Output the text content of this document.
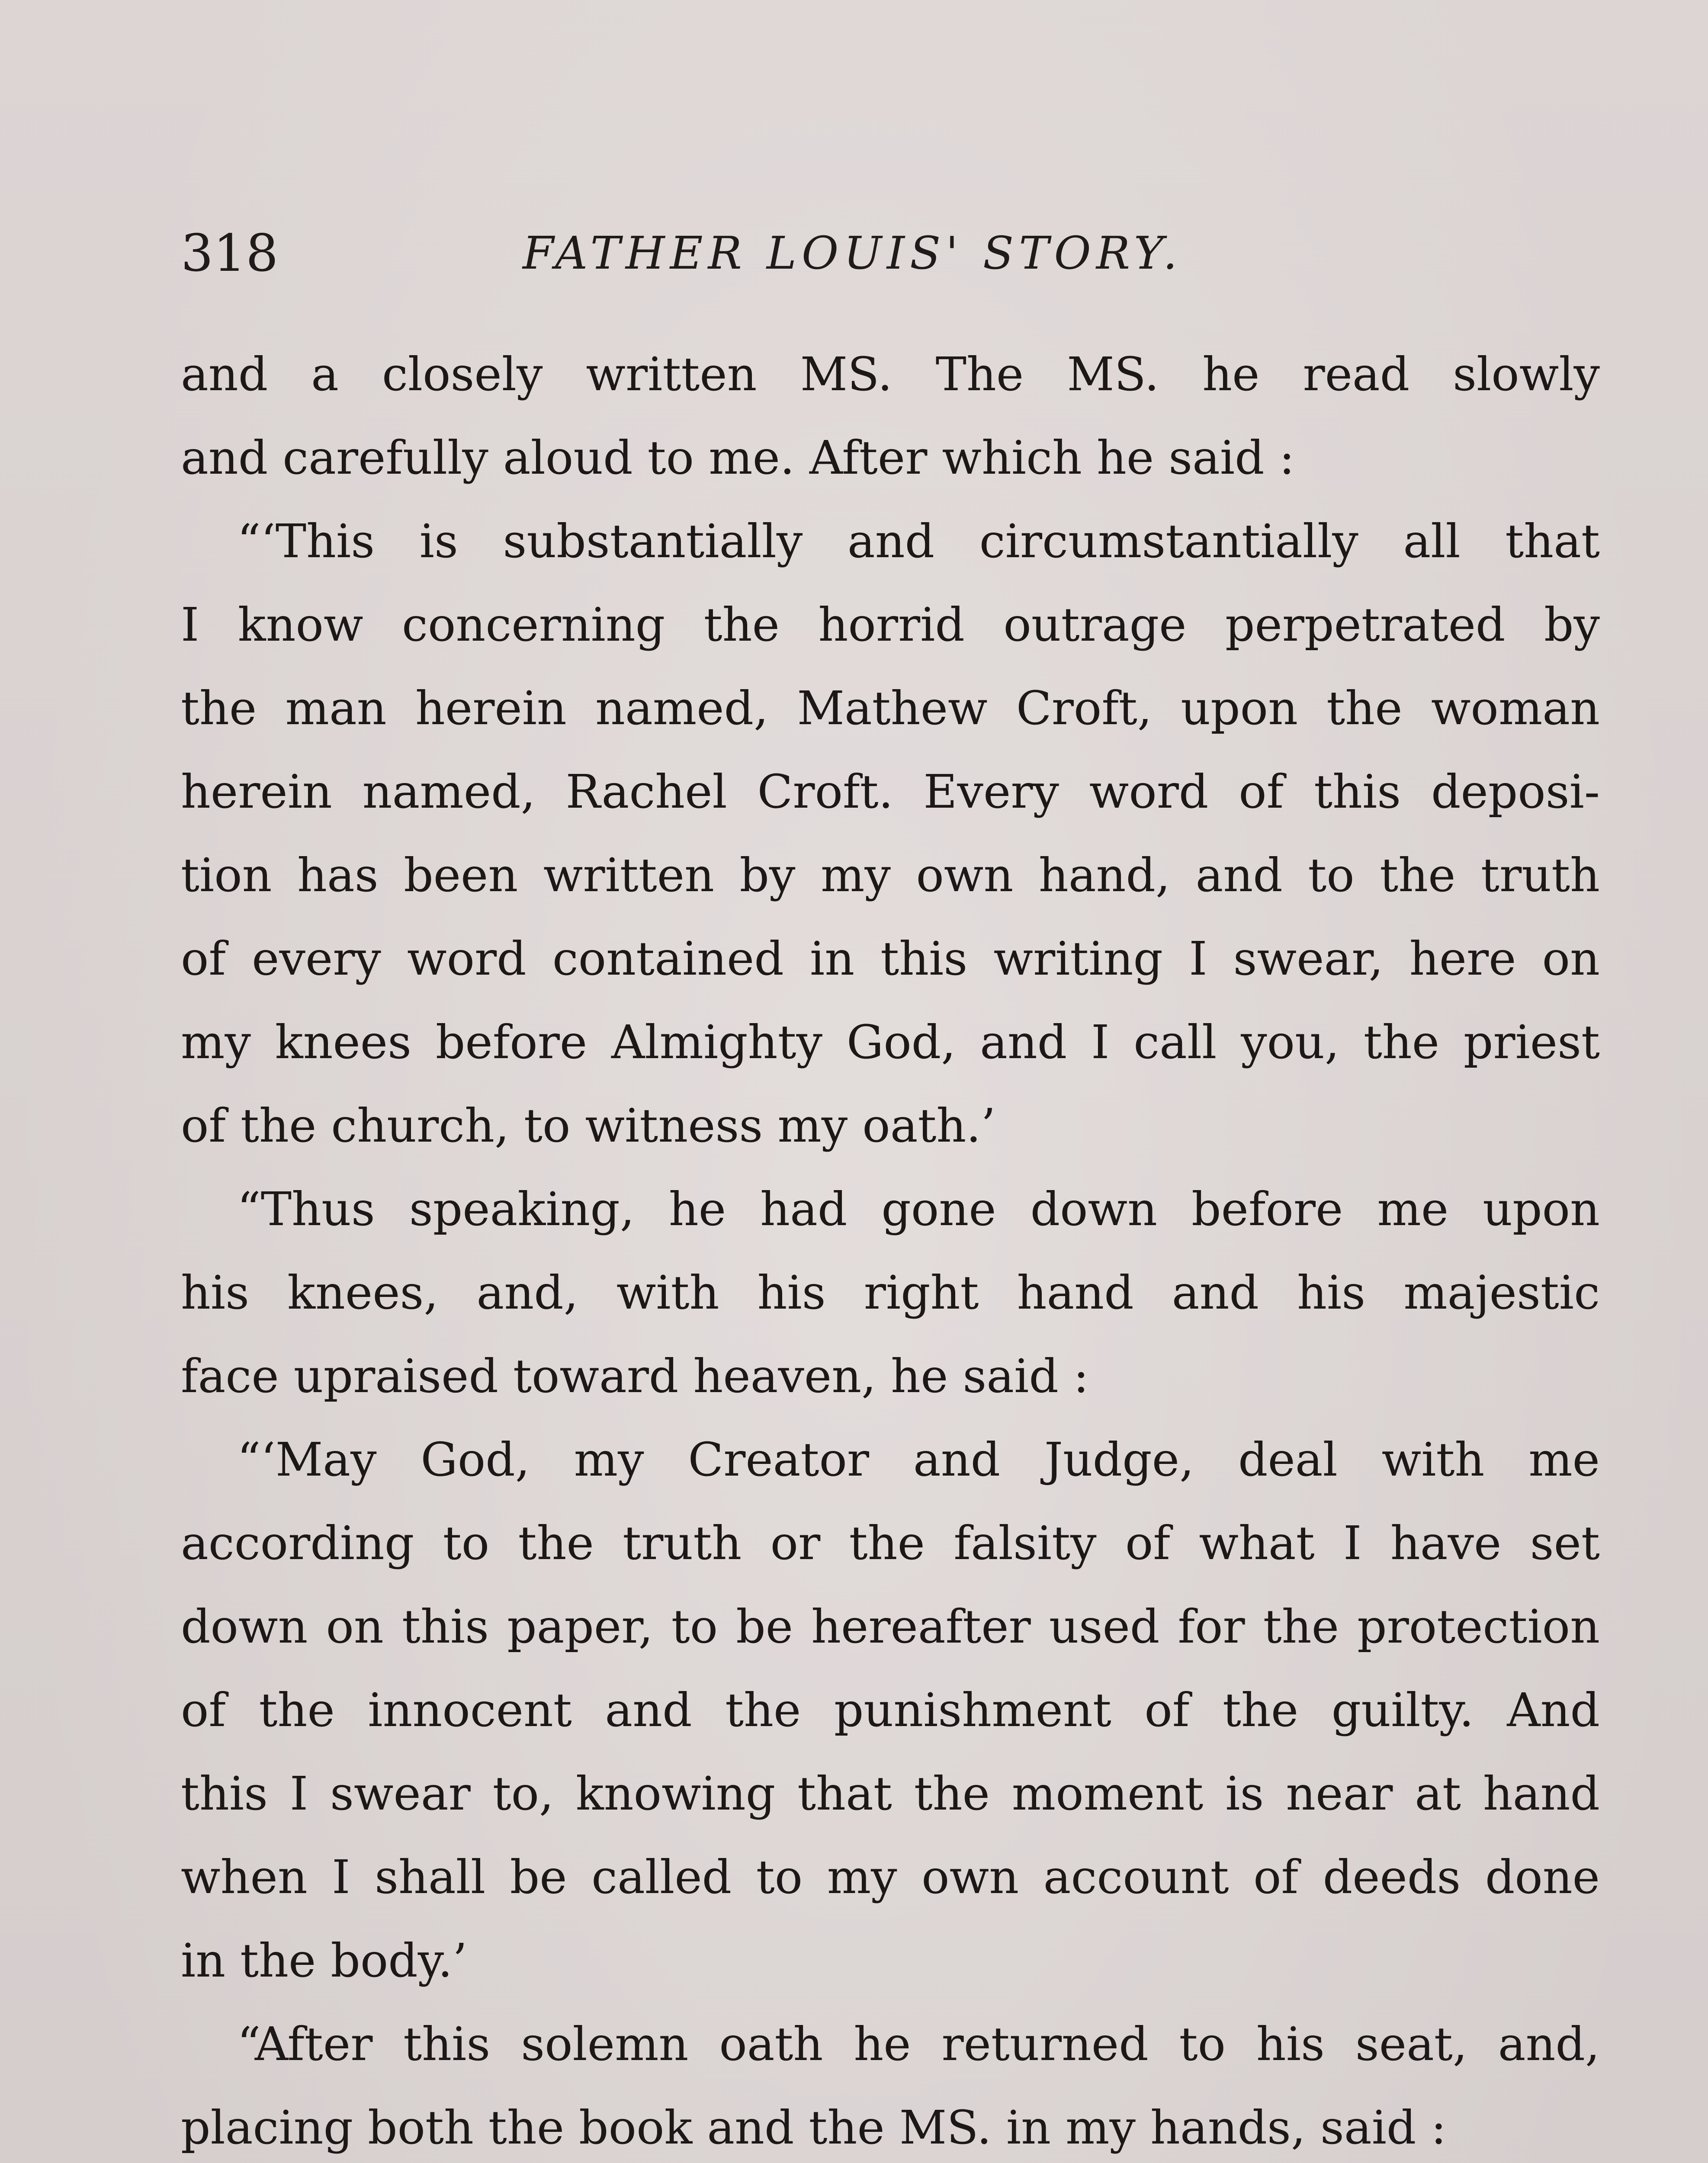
318	FATHER LOUIS' STORY.
and a closely written MS. The MS. he read slowly
and carefully aloud to me. After which he said :
“‘This is substantially and circumstantially all that
I know concerning the horrid outrage perpetrated by
the man herein named, Mathew Croft, upon the woman
herein named, Rachel Croft. Every word of this deposi-
tion has been written by my own hand, and to the truth
of every word contained in this writing I swear, here on
my knees before Almighty God, and I call you, the priest
of the church, to witness my oath.’
“Thus speaking, he had gone down before me upon
his knees, and, with his right hand and his majestic
face upraised toward heaven, he said :
“‘May God, my Creator and Judge, deal with me
according to the truth or the falsity of what I have set
down on this paper, to be hereafter used for the protection
of the innocent and the punishment of the guilty. And
this I swear to, knowing that the moment is near at hand
when I shall be called to my own account of deeds done
in the body.’
“After this solemn oath he returned to his seat, and,
placing both the book and the MS. in my hands, said :
